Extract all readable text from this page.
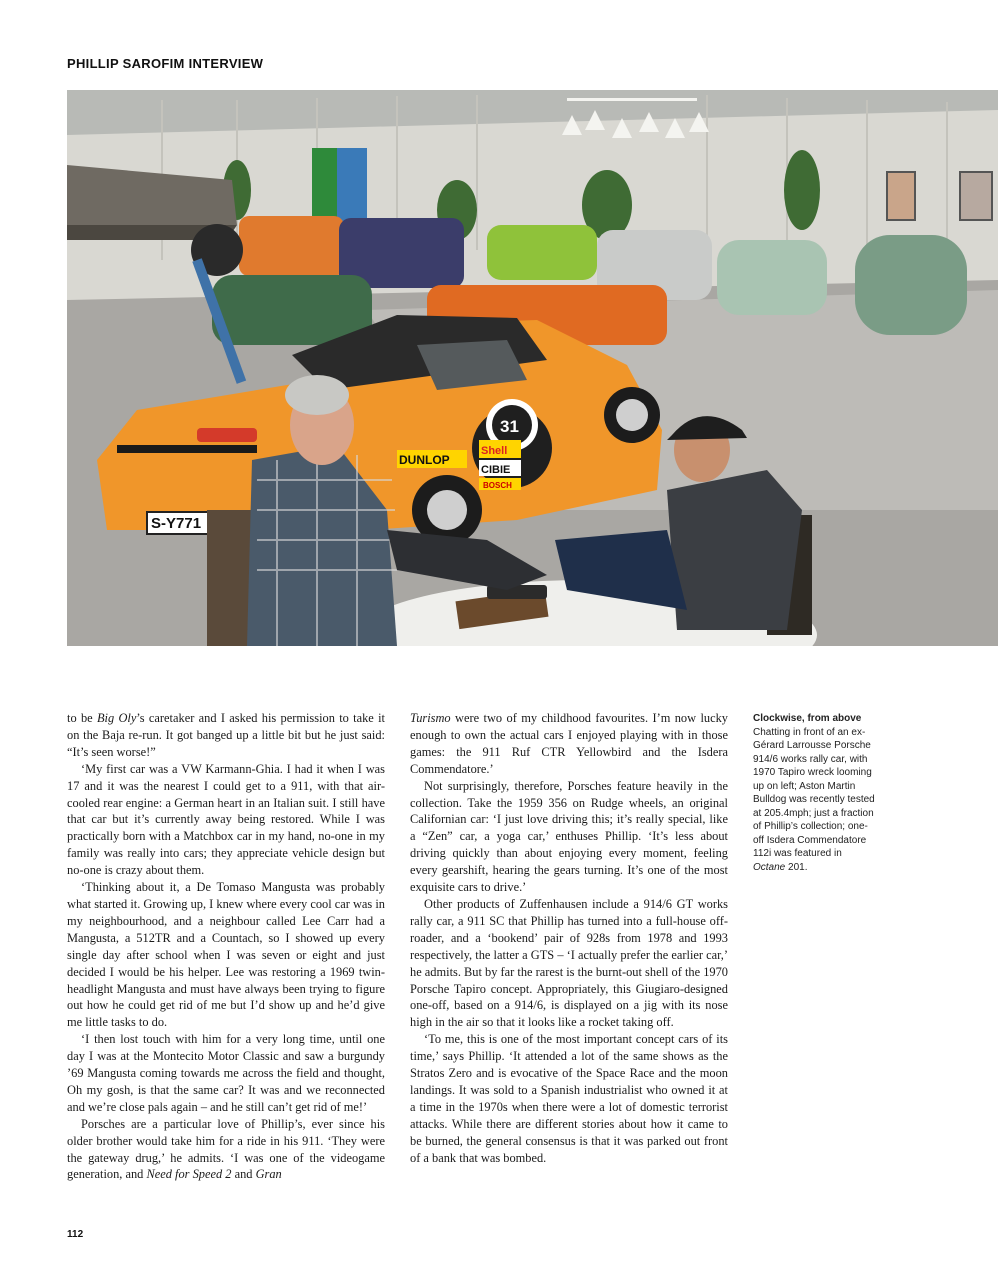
PHILLIP SAROFIM INTERVIEW
S-Y771
31
DUNLOP
Shell
CIBIE
BOSCH

to be Big Oly’s caretaker and I asked his permission to take it on the Baja re-run. It got banged up a little bit but he just said: “It’s seen worse!”

‘My first car was a VW Karmann-Ghia. I had it when I was 17 and it was the nearest I could get to a 911, with that air-cooled rear engine: a German heart in an Italian suit. I still have that car but it’s currently away being restored. While I was practically born with a Matchbox car in my hand, no-one in my family was really into cars; they appreciate vehicle design but no-one is crazy about them.

‘Thinking about it, a De Tomaso Mangusta was probably what started it. Growing up, I knew where every cool car was in my neighbourhood, and a neighbour called Lee Carr had a Mangusta, a 512TR and a Countach, so I showed up every single day after school when I was seven or eight and just decided I would be his helper. Lee was restoring a 1969 twin-headlight Mangusta and must have always been trying to figure out how he could get rid of me but I’d show up and he’d give me little tasks to do.

‘I then lost touch with him for a very long time, until one day I was at the Montecito Motor Classic and saw a burgundy ’69 Mangusta coming towards me across the field and thought, Oh my gosh, is that the same car? It was and we reconnected and we’re close pals again – and he still can’t get rid of me!’

Porsches are a particular love of Phillip’s, ever since his older brother would take him for a ride in his 911. ‘They were the gateway drug,’ he admits. ‘I was one of the videogame generation, and Need for Speed 2 and Gran

Turismo were two of my childhood favourites. I’m now lucky enough to own the actual cars I enjoyed playing with in those games: the 911 Ruf CTR Yellowbird and the Isdera Commendatore.’

Not surprisingly, therefore, Porsches feature heavily in the collection. Take the 1959 356 on Rudge wheels, an original Californian car: ‘I just love driving this; it’s really special, like a “Zen” car, a yoga car,’ enthuses Phillip. ‘It’s less about driving quickly than about enjoying every moment, feeling every gearshift, hearing the gears turning. It’s one of the most exquisite cars to drive.’

Other products of Zuffenhausen include a 914/6 GT works rally car, a 911 SC that Phillip has turned into a full-house off-roader, and a ‘bookend’ pair of 928s from 1978 and 1993 respectively, the latter a GTS – ‘I actually prefer the earlier car,’ he admits. But by far the rarest is the burnt-out shell of the 1970 Porsche Tapiro concept. Appropriately, this Giugiaro-designed one-off, based on a 914/6, is displayed on a jig with its nose high in the air so that it looks like a rocket taking off.

‘To me, this is one of the most important concept cars of its time,’ says Phillip. ‘It attended a lot of the same shows as the Stratos Zero and is evocative of the Space Race and the moon landings. It was sold to a Spanish industrialist who owned it at a time in the 1970s when there were a lot of domestic terrorist attacks. While there are different stories about how it came to be burned, the general consensus is that it was parked out front of a bank that was bombed.

Clockwise, from above
Chatting in front of an ex-Gérard Larrousse Porsche 914/6 works rally car, with 1970 Tapiro wreck looming up on left; Aston Martin Bulldog was recently tested at 205.4mph; just a fraction of Phillip’s collection; one-off Isdera Commendatore 112i was featured in Octane 201.
112
